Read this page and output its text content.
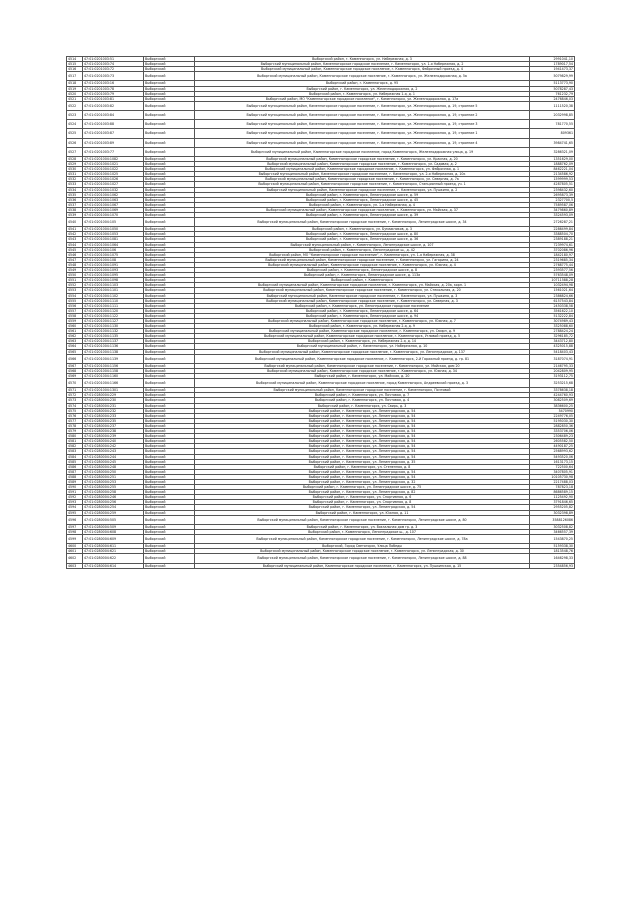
4514	47:01:0201003:51	Выборгский	Выборгский район, г. Каменногорск, ул. Набережная, д. 3	2991041,10
4515	47:01:0201003:74	Выборгский	Выборгский муниципальный район, Каменногорское городское поселение, г. Каменногорск, ул. 1-я Набережная, д. 2	1789017,54
4516	47:01:0201003:72	Выборгский	Выборгский муниципальный район, Каменногорское городское поселение, г. Каменногорск, Фабричный проезд, д. 4	1941473,37
4517	47:01:0201003:73	Выборгский	Выборгский муниципальный район, Каменногорское городское поселение, г. Каменногорск, ул. Железнодорожная, д. 5а	5079829,99
4518	47:01:0201003:16	Выборгский	Выборгский район, г. Каменногорск, д. 95	5113773,90
4519	47:01:0201003:78	Выборгский	Выборгский район, г. Каменногорск, ул. Железнодорожная, д. 2	5078287,43
4520	47:01:0201003:79	Выборгский	Выборгский район, г. Каменногорск, ул. Набережная 1-я, д. 1	761232,79
4521	47:01:0201003:81	Выборгский	Выборгский район, МО "Каменногорское городское поселение", г. Каменногорск, ул. Железнодорожная, д. 17а	2476846,03
4522	47:01:0201003:82	Выборгский	Выборгский муниципальный район, Каменногорское городское поселение, г. Каменногорск, ул. Железнодорожная, д. 19, строение 5	1111520,38
4523	47:01:0201003:84	Выборгский	Выборгский муниципальный район, Каменногорское городское поселение, г. Каменногорск, ул. Железнодорожная, д. 19, строение 2	2032998,85
4524	47:01:0201003:88	Выборгский	Выборгский муниципальный район, Каменногорское городское поселение, г. Каменногорск, ул. Железнодорожная, д. 19, строение 3	781770,55
4525	47:01:0201003:87	Выборгский	Выборгский муниципальный район, Каменногорское городское поселение, г. Каменногорск, ул. Железнодорожная, д. 19, строение 1	809361
4526	47:01:0201003:89	Выборгский	Выборгский муниципальный район, Каменногорское городское поселение, г. Каменногорск, ул. Железнодорожная, д. 19, строение 4	3984741,65
4527	47:01:0201003:77	Выборгский	Выборгский муниципальный район, Каменногорское городское поселение, город Каменногорск, Железнодорожная улица, д. 19	3286321,09
4528	47:01:0201004:1082	Выборгский	Выборгский муниципальный район, Каменногорское городское поселение, г. Каменногорск, ул. Красная, д. 20	1351629,00
4529	47:01:0201004:1021	Выборгский	Выборгский муниципальный район, Каменногорское городское поселение, г. Каменногорск, ул. Садовая, д. 2	1888762,09
4530	47:01:0201004:1022	Выборгский	Выборгский муниципальный район, Каменногорское городское поселение, г. Каменногорск, ул. Фабричная, д. 1	8462221,04
4531	47:01:0201004:1025	Выборгский	Выборгский муниципальный район, Каменногорское городское поселение, г. Каменногорск, ул. 2-я Набережная, д. 10к	2134586,92
4532	47:01:0201004:1026	Выборгский	Выборгский муниципальный район, Каменногорское городское поселение, г. Каменногорск, ул. Северная, д. 7а	1599999,53
4533	47:01:0201004:1027	Выборгский	Выборгский муниципальный район, Каменногорское городское поселение, г. Каменногорск, Станционный проезд, уч. 1	4287805,51
4534	47:01:0201004:1032	Выборгский	Выборгский муниципальный район, Каменногорское городское поселение, г. Каменногорск, ул. Пушкина, д. 2	2398432,60
4535	47:01:0201004:1062	Выборгский	Выборгский район, г. Каменногорск, Ленинградское шоссе, д. 59	2695873,39
4536	47:01:0201004:1063	Выборгский	Выборгский район, г. Каменногорск, Ленинградское шоссе, д. 45	2327700,5
4537	47:01:0201004:1067	Выборгский	Выборгский район, г. Каменногорск, ул. 1-я Набережная, д. 4	7589587,06
4538	47:01:0201004:1069	Выборгский	Выборгский муниципальный район, Каменногорское городское поселение, г. Каменногорск, ул. Майская, д. 37	3479860,89
4539	47:01:0201004:1070	Выборгский	Выборгский район, г. Каменногорск, Ленинградское шоссе, д. 39	3324593,09
4540	47:01:0201004:105	Выборгский	Выборгский муниципальный район, Каменногорское городское поселение, г. Каменногорск, Ленинградское шоссе, д. 34	2726287,21
4541	47:01:0201004:1050	Выборгский	Выборгский район, г. Каменногорск, ул. Бумажников, д. 3	2286499,84
4542	47:01:0201004:1053	Выборгский	Выборгский район, г. Каменногорск, Ленинградское шоссе, д. 80	3388504,70
4543	47:01:0201004:1081	Выборгский	Выборгский район, г. Каменногорск, Ленинградское шоссе, д. 36	2389188,21
4544	47:01:0201004:1064	Выборгский	Выборгский муниципальный район, г. Каменногорск, Ленинградское шоссе, д. 107	7239974,61
4545	47:01:0201004:106	Выборгский	Выборгский район, г. Каменногорск, Ленинградское ш., д. 42	3702086,96
4546	47:01:0201004:1075	Выборгский	Выборгский район, МО "Каменногорское городское поселение", г. Каменногорск, ул. 1-я Набережная, д. 38	1842180,97
4547	47:01:0201004:108	Выборгский	Выборгский муниципальный район, Каменногорское городское поселение, г. Каменногорск, ул. Гагарина, д. 24	2319685,34
4548	47:01:0201004:1091	Выборгский	Выборгский муниципальный район, Каменногорское городское поселение, г. Каменногорск, ул. Южная, д. 4	2768775,44
4549	47:01:0201004:1093	Выборгский	Выборгский район, г. Каменногорск, Ленинградское шоссе, д. 8	2393577,56
4550	47:01:0201004:1095	Выборгский	Выборгский район, г. Каменногорск, Ленинградское шоссе, д. 113а	5763548,09
4551	47:01:0201004:1098	Выборгский	Выборгский район, г. Каменногорск	10711588,28
4552	47:01:0201004:1103	Выборгский	Выборгский муниципальный район, Каменногорское городское поселение, г. Каменногорск, ул. Майская, д. 20а, корп. 1	1032494,98
4553	47:01:0201004:1101	Выборгский	Выборгский муниципальный район, Каменногорское городское поселение, г. Каменногорск, ул. Стекольная, д. 20	1561021,64
4554	47:01:0201004:1102	Выборгский	Выборгский муниципальный район, Каменногорское городское поселение, г. Каменногорск, ул. Пушкина, д. 3	2386824,66
4555	47:01:0201004:1110	Выборгский	Выборгский муниципальный район, Каменногорское городское поселение, г. Каменногорск, ул. Северная, д. 3	6157543,84
4556	47:01:0201004:1111	Выборгский	Выборгский район, г. Каменногорск, ул. Ленинградское городское поселение	2450338,58
4557	47:01:0201004:1120	Выборгский	Выборгский район, г. Каменногорск, Ленинградское шоссе, д. 64	3561622,10
4558	47:01:0201004:1122	Выборгский	Выборгский район, г. Каменногорск, Ленинградское шоссе, д. 94	5132222,84
4559	47:01:0201004:1127	Выборгский	Выборгский муниципальный район, Каменногорское городское поселение, г. Каменногорск, ул. Южная, д. 7	3074989,43
4560	47:01:0201004:1130	Выборгский	Выборгский район, г. Каменногорск, ул. Набережная 2-я, д. 9	3325088,60
4561	47:01:0201004:1132	Выборгский	Выборгский муниципальный район, Каменногорское городское поселение, г. Каменногорск, ул. Смирн, д. 9	2788424,24
4562	47:01:0201004:1135	Выборгский	Выборгский муниципальный район, Каменногорское городское поселение, г. Каменногорск, Угловой проезд, д. 5	3296185,72
4563	47:01:0201004:1137	Выборгский	Выборгский район, г. Каменногорск, ул. Набережная 2-я, д. 14	3443712,80
4564	47:01:0201004:1136	Выборгский	Выборгский муниципальный район, г. Каменногорск, ул. Набережная, д. 10	4325015,88
4565	47:01:0201004:1138	Выборгский	Выборгский муниципальный район, Каменногорское городское поселение, г. Каменногорск, ул. Ленинградское, д. 137	5418403,43
4566	47:01:0201004:1139	Выборгский	Выборгский муниципальный район, Каменногорское городское поселение, г. Каменногорск, 2-й Гаражный проезд, д. гр. 81	3187074,91
4567	47:01:0201004:1156	Выборгский	Выборгский муниципальный район, Каменногорское городское поселение, г. Каменногорск, ул. Майская, дом 20	2146795,33
4568	47:01:0201004:1158	Выборгский	Выборгский муниципальный район, Каменногорское городское поселение, г. Каменногорск, ул. Южная, д. 34	2042809,95
4569	47:01:0201004:1160	Выборгский	Выборгский район, г. Каменногорск, ул. Майская, д. 20	3193112,75
4570	47:01:0201004:1166	Выборгский	Выборгский муниципальный район, Каменногорское городское поселение, город Каменногорск, Андреевский проезд, д. 3	3253215,68
4571	47:01:0201004:1301	Выборгский	Выборгский муниципальный район, Каменногорское городское поселение, г. Каменногорск, Почтовой	3378638,18
4572	47:01:0280004:229	Выборгский	Выборгский район, г. Каменногорск, ул. Почтовая, д. 7	4244760,93
4573	47:01:0280004:230	Выборгский	Выборгский район, г. Каменногорск, ул. Почтовая, д. 4	3082509,69
4574	47:01:0280004:231	Выборгский	Выборгский район, г. Каменногорск, ул. Свирь, д. 3	3836600,25
4575	47:01:0280004:232	Выборгский	Выборгский район, г. Каменногорск, ул. Ленинградская, д. 54	5470990
4576	47:01:0280004:233	Выборгский	Выборгский район, г. Каменногорск, ул. Ленинградская, д. 54	2249776,05
4577	47:01:0280004:235	Выборгский	Выборгский район, г. Каменногорск, ул. Ленинградская, д. 54	5195030,30
4578	47:01:0280004:237	Выборгский	Выборгский район, г. Каменногорск, ул. Ленинградская, д. 54	2882850,36
4579	47:01:0280004:238	Выборгский	Выборгский район, г. Каменногорск, ул. Ленинградская, д. 54	3353706,06
4580	47:01:0280004:239	Выборгский	Выборгский район, г. Каменногорск, ул. Ленинградская, д. 54	2306489,23
4581	47:01:0280004:240	Выборгский	Выборгский район, г. Каменногорск, ул. Ленинградская, д. 54	2605582,50
4582	47:01:0280004:242	Выборгский	Выборгский район, г. Каменногорск, ул. Ленинградская, д. 54	4490187,25
4583	47:01:0280004:243	Выборгский	Выборгский район, г. Каменногорск, ул. Ленинградская, д. 54	2568993,62
4584	47:01:0280004:244	Выборгский	Выборгский район, г. Каменногорск, ул. Ленинградская, д. 54	5493520,06
4585	47:01:0280004:245	Выборгский	Выборгский район, г. Каменногорск, ул. Ленинградская, д. 35	1613173,15
4586	47:01:0280004:248	Выборгский	Выборгский район, г. Каменногорск, ул. Степенная, д. 8	722500,64
4587	47:01:0280004:250	Выборгский	Выборгский район, г. Каменногорск, ул. Ленинградская, д. 54	3407805,91
4588	47:01:0280004:251	Выборгский	Выборгский район, г. Каменногорск, ул. Ленинградская, д. 54	10105730,98
4589	47:01:0280004:253	Выборгский	Выборгский район, г. Каменногорск, ул. Ленинградская, д. 32	2217488,03
4590	47:01:0280004:255	Выборгский	Выборгский район, г. Каменногорск, ул. Ленинградское шоссе, д. 75	787823,18
4591	47:01:0280004:258	Выборгский	Выборгский район, г. Каменногорск, ул. Ленинградская, д. 82	8686589,15
4592	47:01:0280004:246	Выборгский	Выборгский район, г. Каменногорск, ул. Спортивная, д. 6	1125492,90
4593	47:01:0280004:256	Выборгский	Выборгский район, г. Каменногорск, ул. Спортивная, д. 8	3791846,65
4594	47:01:0280004:254	Выборгский	Выборгский район, г. Каменногорск, ул. Ленинградская, д. 54	2955205,82
4595	47:01:0280004:259	Выборгский	Выборгский район, г. Каменногорск, ул. Южная, д. 11	3032398,89
4596	47:01:0280004:505	Выборгский	Выборгский муниципальный район, Каменногорское городское поселение, г. Каменногорск, Ленинградское шоссе, д. 80	3588126086
4597	47:01:0280004:509	Выборгский	Выборгский район, г. Каменногорск, ул. Вокзальная дом гр. д. 3	3032508,82
4598	47:01:0280004:608	Выборгский	Выборгский район, г. Каменногорск, Ленинградское ш., д. 107	3466557,39
4599	47:01:0280004:609	Выборгский	Выборгский муниципальный район, Каменногорское городское поселение, г. Каменногорск, Ленинградское шоссе, д. 78а	1543870,25
4600	47:01:0280004:611	Выборгский	Выборгский, Город Светогорск, Улица Победы	5159338,30
4601	47:01:0280004:621	Выборгский	Выборгский муниципальный район, Каменногорское городское поселение, г. Каменногорск, ул. Ленинградская, д. 30	1813548,76
4602	47:01:0280004:622	Выборгский	Выборгский муниципальный район, Каменногорское городское поселение, г. Каменногорск, Ленинградское шоссе, д. 88	1646298,33
4603	47:01:0280004:614	Выборгский	Выборгский муниципальный район, Каменногорское городское поселение, г. Каменногорск, ул. Пушкинская, д. 15	2354856,93
